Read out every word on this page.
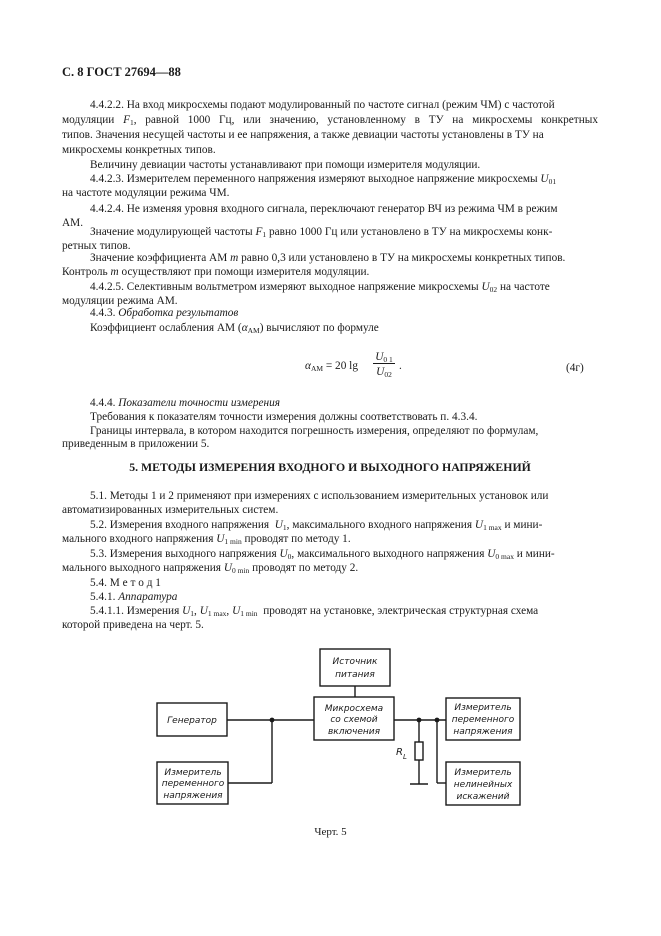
С. 8 ГОСТ 27694—88
4.4.2.2. На вход микросхемы подают модулированный по частоте сигнал (режим ЧМ) с частотой
модуляции $F_1$, равной 1000 Гц, или значению, установленному в ТУ на микросхемы конкретных
типов. Значения несущей частоты и ее напряжения, а также девиации частоты установлены в ТУ на
микросхемы конкретных типов.
Величину девиации частоты устанавливают при помощи измерителя модуляции.
4.4.2.3. Измерителем переменного напряжения измеряют выходное напряжение микросхемы $U_{01}$
на частоте модуляции режима ЧМ.
4.4.2.4. Не изменяя уровня входного сигнала, переключают генератор ВЧ из режима ЧМ в режим
АМ.
Значение модулирующей частоты $F_1$ равно 1000 Гц или установлено в ТУ на микросхемы конк-
ретных типов.
Значение коэффициента АМ m равно 0,3 или установлено в ТУ на микросхемы конкретных типов.
Контроль m осуществляют при помощи измерителя модуляции.
4.4.2.5. Селективным вольтметром измеряют выходное напряжение микросхемы $U_{02}$ на частоте
модуляции режима АМ.
4.4.3. Обработка результатов
Коэффициент ослабления АМ $(\alpha_{АМ})$ вычисляют по формуле
$\alpha_{АМ} = 20$ lg
$U_{0 1}$
$U_{02}$
.	(4г)
4.4.4. Показатели точности измерения
Требования к показателям точности измерения должны соответствовать п. 4.3.4.
Границы интервала, в котором находится погрешность измерения, определяют по формулам,
приведенным в приложении 5.
5. МЕТОДЫ ИЗМЕРЕНИЯ ВХОДНОГО И ВЫХОДНОГО НАПРЯЖЕНИЙ
5.1. Методы 1 и 2 применяют при измерениях с использованием измерительных установок или
автоматизированных измерительных систем.
5.2. Измерения входного напряжения $U_1$, максимального входного напряжения $U_{1 max}$ и мини-
мального входного напряжения $U_{1 min}$ проводят по методу 1.
5.3. Измерения выходного напряжения $U_0$, максимального выходного напряжения $U_{0 max}$ и мини-
мального выходного напряжения $U_{0 min}$ проводят по методу 2.
5.4. М е т о д 1
5.4.1. Аппаратура
5.4.1.1. Измерения $U_1$, $U_{1 max}$, $U_{1 min}$ проводят на установке, электрическая структурная схема
которой приведена на черт. 5.
Источник
питания
Генератор
Микросхема
со схемой
включения
Измеритель
переменного
напряжения
Измеритель
переменного
напряжения
Измеритель
нелинейных
искажений
R L
Черт. 5
